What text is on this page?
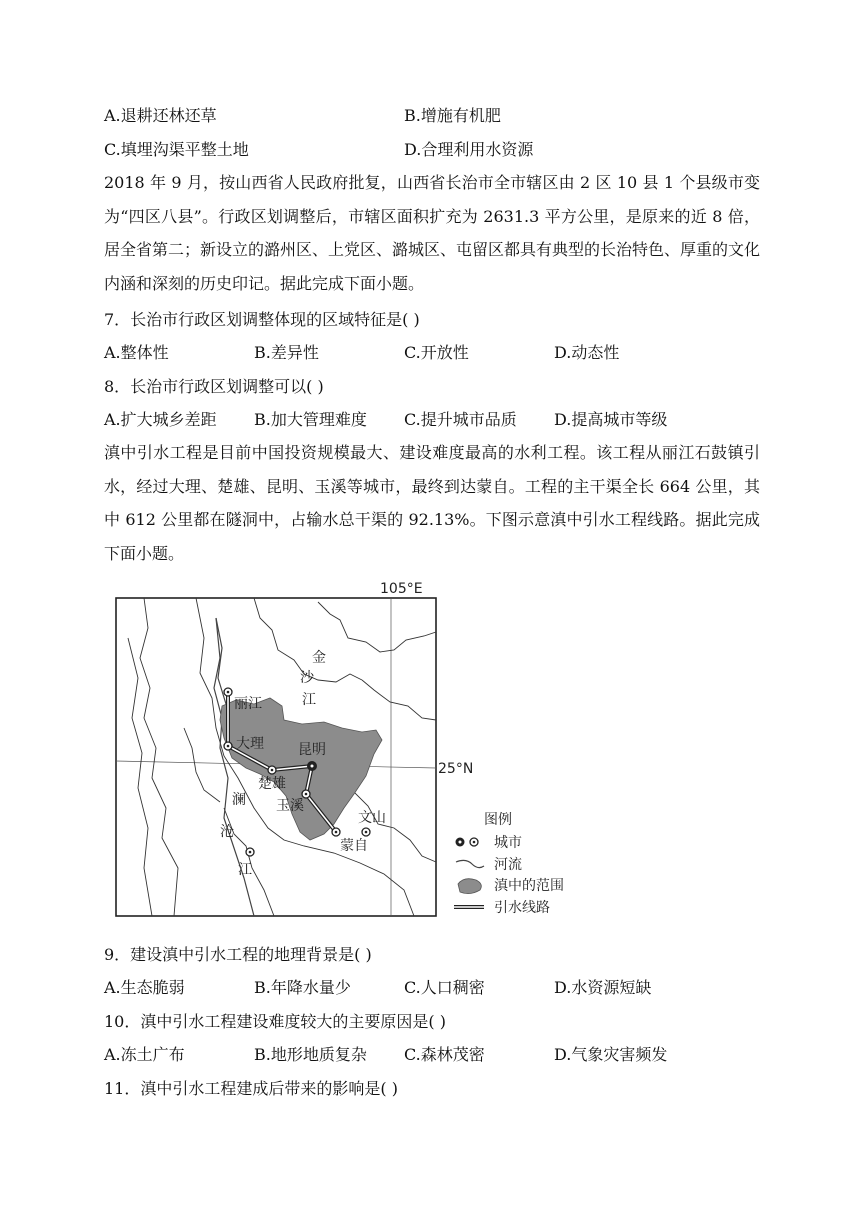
A.退耕还林还草	B.增施有机肥
C.填埋沟渠平整土地	D.合理利用水资源

2018 年 9 月，按山西省人民政府批复，山西省长治市全市辖区由 2 区 10 县 1 个县级市变为“四区八县”。行政区划调整后，市辖区面积扩充为 2631.3 平方公里，是原来的近 8 倍，居全省第二；新设立的潞州区、上党区、潞城区、屯留区都具有典型的长治特色、厚重的文化内涵和深刻的历史印记。据此完成下面小题。

7．长治市行政区划调整体现的区域特征是( )
A.整体性	B.差异性	C.开放性	D.动态性
8．长治市行政区划调整可以( )
A.扩大城乡差距 B.加大管理难度 C.提升城市品质 D.提高城市等级

滇中引水工程是目前中国投资规模最大、建设难度最高的水利工程。该工程从丽江石鼓镇引水，经过大理、楚雄、昆明、玉溪等城市，最终到达蒙自。工程的主干渠全长 664 公里，其中 612 公里都在隧洞中，占输水总干渠的 92.13%。下图示意滇中引水工程线路。据此完成下面小题。

105°E
25°N
丽江
大理
楚雄
昆明
玉溪
蒙自
文山
金
沙
江
澜
沧
江
图例
城市
河流
滇中的范围
引水线路
9．建设滇中引水工程的地理背景是( )
A.生态脆弱	B.年降水量少	C.人口稠密	D.水资源短缺
10．滇中引水工程建设难度较大的主要原因是( )
A.冻土广布	B.地形地质复杂 C.森林茂密	D.气象灾害频发
11．滇中引水工程建成后带来的影响是( )
